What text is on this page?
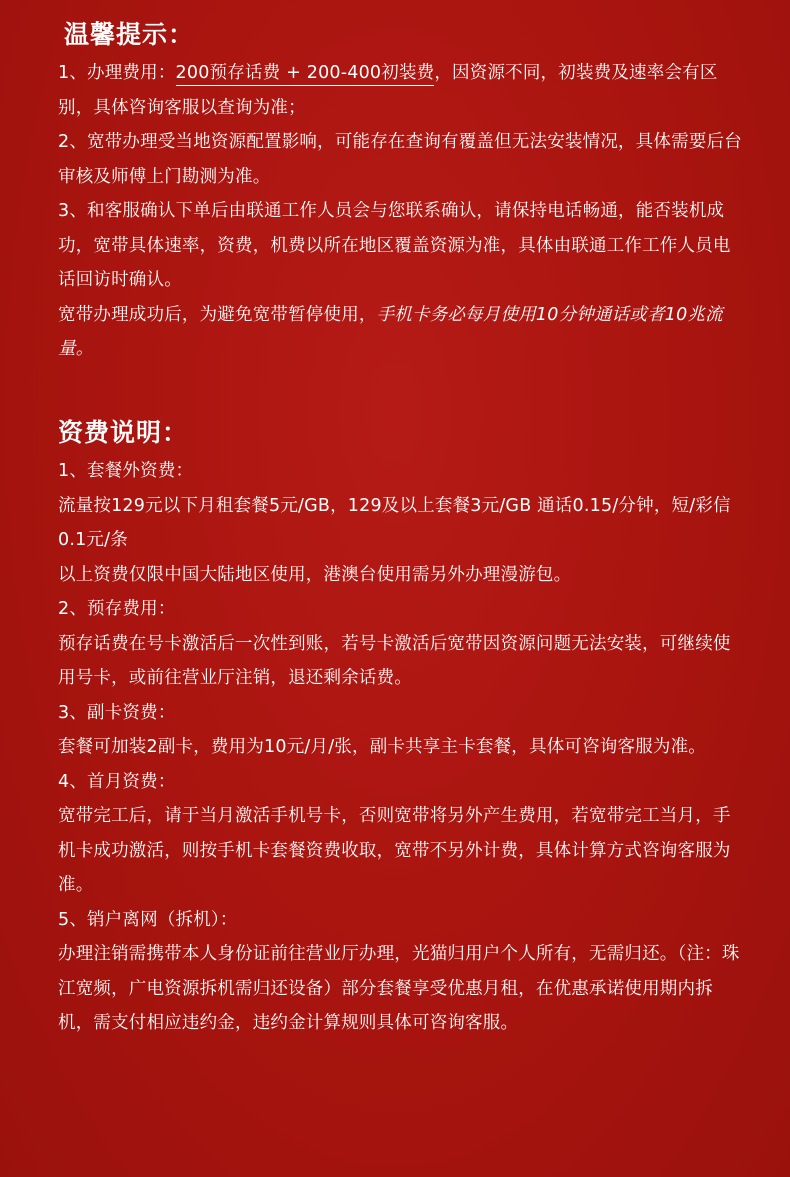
温馨提示：

1、办理费用：200预存话费 + 200-400初装费，因资源不同，初装费及速率会有区别，具体咨询客服以查询为准；

2、宽带办理受当地资源配置影响，可能存在查询有覆盖但无法安装情况，具体需要后台审核及师傅上门勘测为准。

3、和客服确认下单后由联通工作人员会与您联系确认，请保持电话畅通，能否装机成功，宽带具体速率，资费，机费以所在地区覆盖资源为准，具体由联通工作工作人员电话回访时确认。

宽带办理成功后，为避免宽带暂停使用，手机卡务必每月使用10分钟通话或者10兆流量。

资费说明：

1、套餐外资费：

流量按129元以下月租套餐5元/GB，129及以上套餐3元/GB 通话0.15/分钟，短/彩信0.1元/条

以上资费仅限中国大陆地区使用，港澳台使用需另外办理漫游包。

2、预存费用：

预存话费在号卡激活后一次性到账，若号卡激活后宽带因资源问题无法安装，可继续使用号卡，或前往营业厅注销，退还剩余话费。

3、副卡资费：

套餐可加装2副卡，费用为10元/月/张，副卡共享主卡套餐，具体可咨询客服为准。

4、首月资费：

宽带完工后，请于当月激活手机号卡，否则宽带将另外产生费用，若宽带完工当月，手机卡成功激活，则按手机卡套餐资费收取，宽带不另外计费，具体计算方式咨询客服为准。

5、销户离网（拆机）：

办理注销需携带本人身份证前往营业厅办理，光猫归用户个人所有，无需归还。（注：珠江宽频，广电资源拆机需归还设备）部分套餐享受优惠月租，在优惠承诺使用期内拆机，需支付相应违约金，违约金计算规则具体可咨询客服。
